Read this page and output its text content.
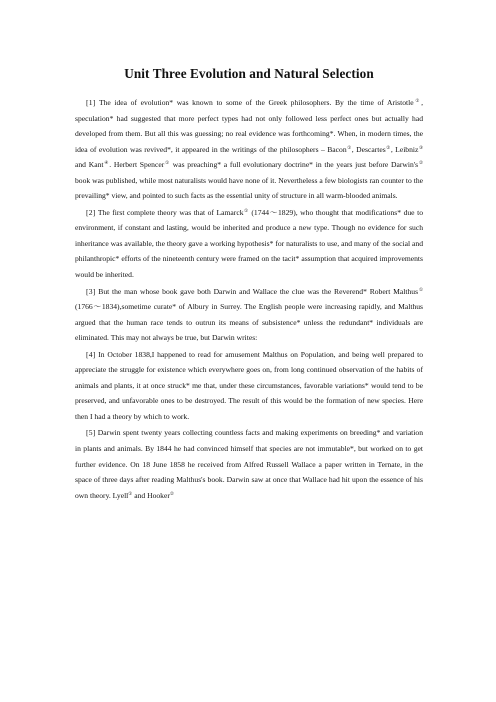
Unit Three Evolution and Natural Selection

[1] The idea of evolution* was known to some of the Greek philosophers. By the time of Aristotle①, speculation* had suggested that more perfect types had not only followed less perfect ones but actually had developed from them. But all this was guessing; no real evidence was forthcoming*. When, in modern times, the idea of evolution was revived*, it appeared in the writings of the philosophers – Bacon①, Descartes②, Leibniz③ and Kant④. Herbert Spencer① was preaching* a full evolutionary doctrine* in the years just before Darwin's② book was published, while most naturalists would have none of it. Nevertheless a few biologists ran counter to the prevailing* view, and pointed to such facts as the essential unity of structure in all warm-blooded animals.

[2] The first complete theory was that of Lamarck① (1744～1829), who thought that modifications* due to environment, if constant and lasting, would be inherited and produce a new type. Though no evidence for such inheritance was available, the theory gave a working hypothesis* for naturalists to use, and many of the social and philanthropic* efforts of the nineteenth century were framed on the tacit* assumption that acquired improvements would be inherited.

[3] But the man whose book gave both Darwin and Wallace the clue was the Reverend* Robert Malthus① (1766～1834),sometime curate* of Albury in Surrey. The English people were increasing rapidly, and Malthus argued that the human race tends to outrun its means of subsistence* unless the redundant* individuals are eliminated. This may not always be true, but Darwin writes:

[4] In October 1838,I happened to read for amusement Malthus on Population, and being well prepared to appreciate the struggle for existence which everywhere goes on, from long continued observation of the habits of animals and plants, it at once struck* me that, under these circumstances, favorable variations* would tend to be preserved, and unfavorable ones to be destroyed. The result of this would be the formation of new species. Here then I had a theory by which to work.

[5] Darwin spent twenty years collecting countless facts and making experiments on breeding* and variation in plants and animals. By 1844 he had convinced himself that species are not immutable*, but worked on to get further evidence. On 18 June 1858 he received from Alfred Russell Wallace a paper written in Ternate, in the space of three days after reading Malthus's book. Darwin saw at once that Wallace had hit upon the essence of his own theory. Lyell① and Hooker②
